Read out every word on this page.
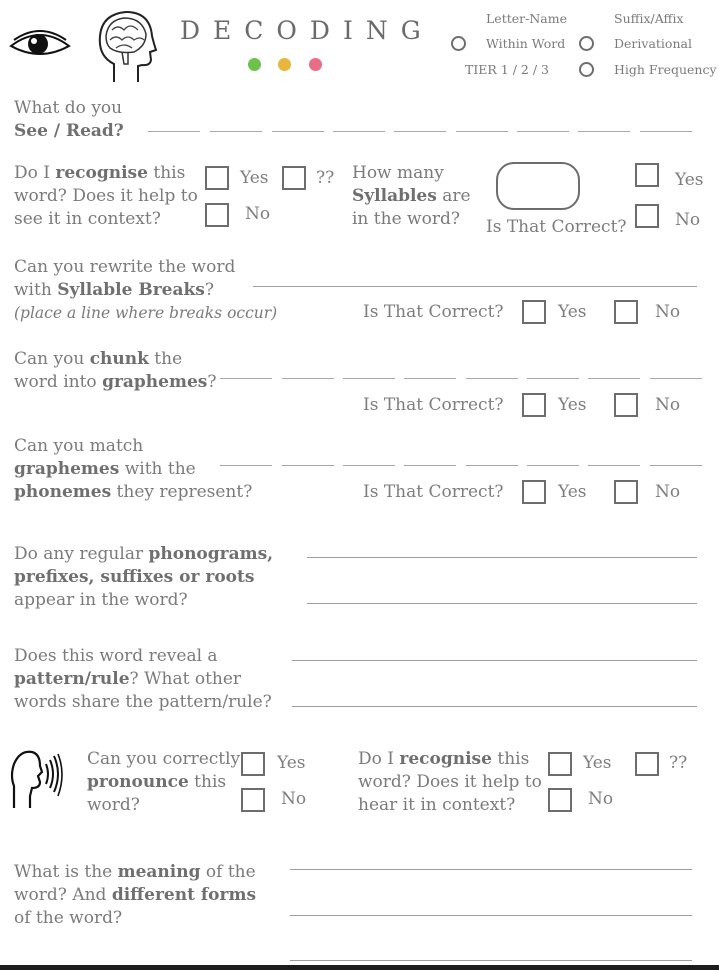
DECODING	Letter-Name
Within Word
TIER 1 / 2 / 3
Suffix/Affix
Derivational
High Frequency
What do you
See / Read?
Do I recognise this
word? Does it help to
see it in context?
Yes	??
No
How many
Syllables are
in the word?	Is That Correct?
Yes
No
Can you rewrite the word
with Syllable Breaks?
(place a line where breaks occur)	Is That Correct?	Yes	No
Can you chunk the
word into graphemes?
Is That Correct?	Yes	No
Can you match
graphemes with the
phonemes they represent?	Is That Correct?	Yes	No
Do any regular phonograms,
prefixes, suffixes or roots
appear in the word?
Does this word reveal a
pattern/rule? What other
words share the pattern/rule?
Can you correctly
pronounce this
word?
Yes
No
Do I recognise this
word? Does it help to
hear it in context?
Yes	??
No
What is the meaning of the
word? And different forms
of the word?
